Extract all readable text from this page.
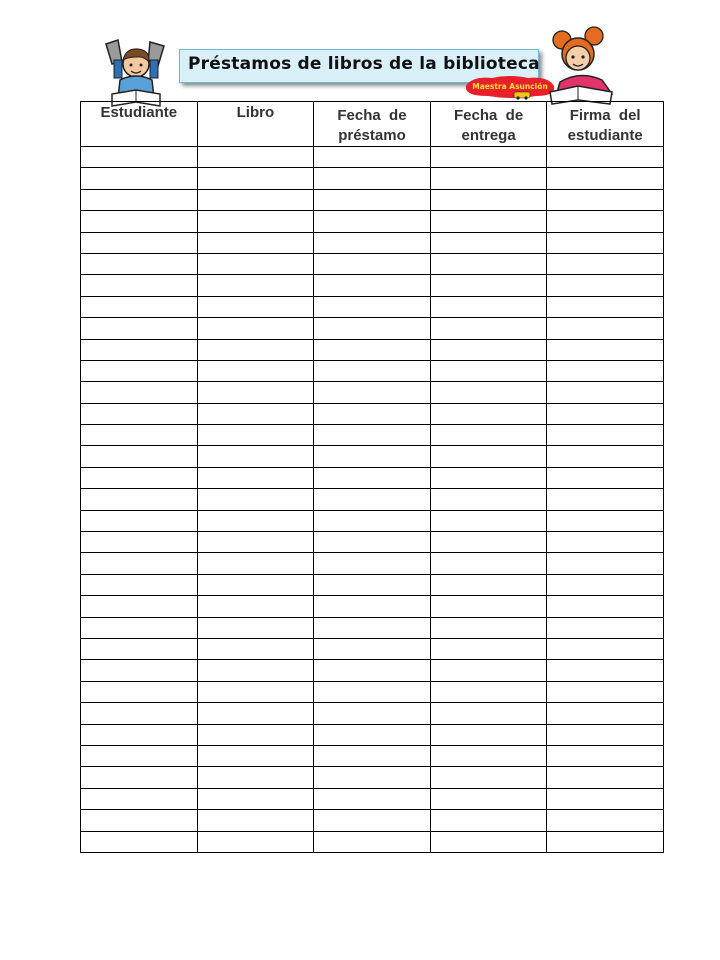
Préstamos de libros de la biblioteca
Maestra Asunción
Estudiante	Libro	Fecha  de préstamo	Fecha  de entrega	Firma  del estudiante
